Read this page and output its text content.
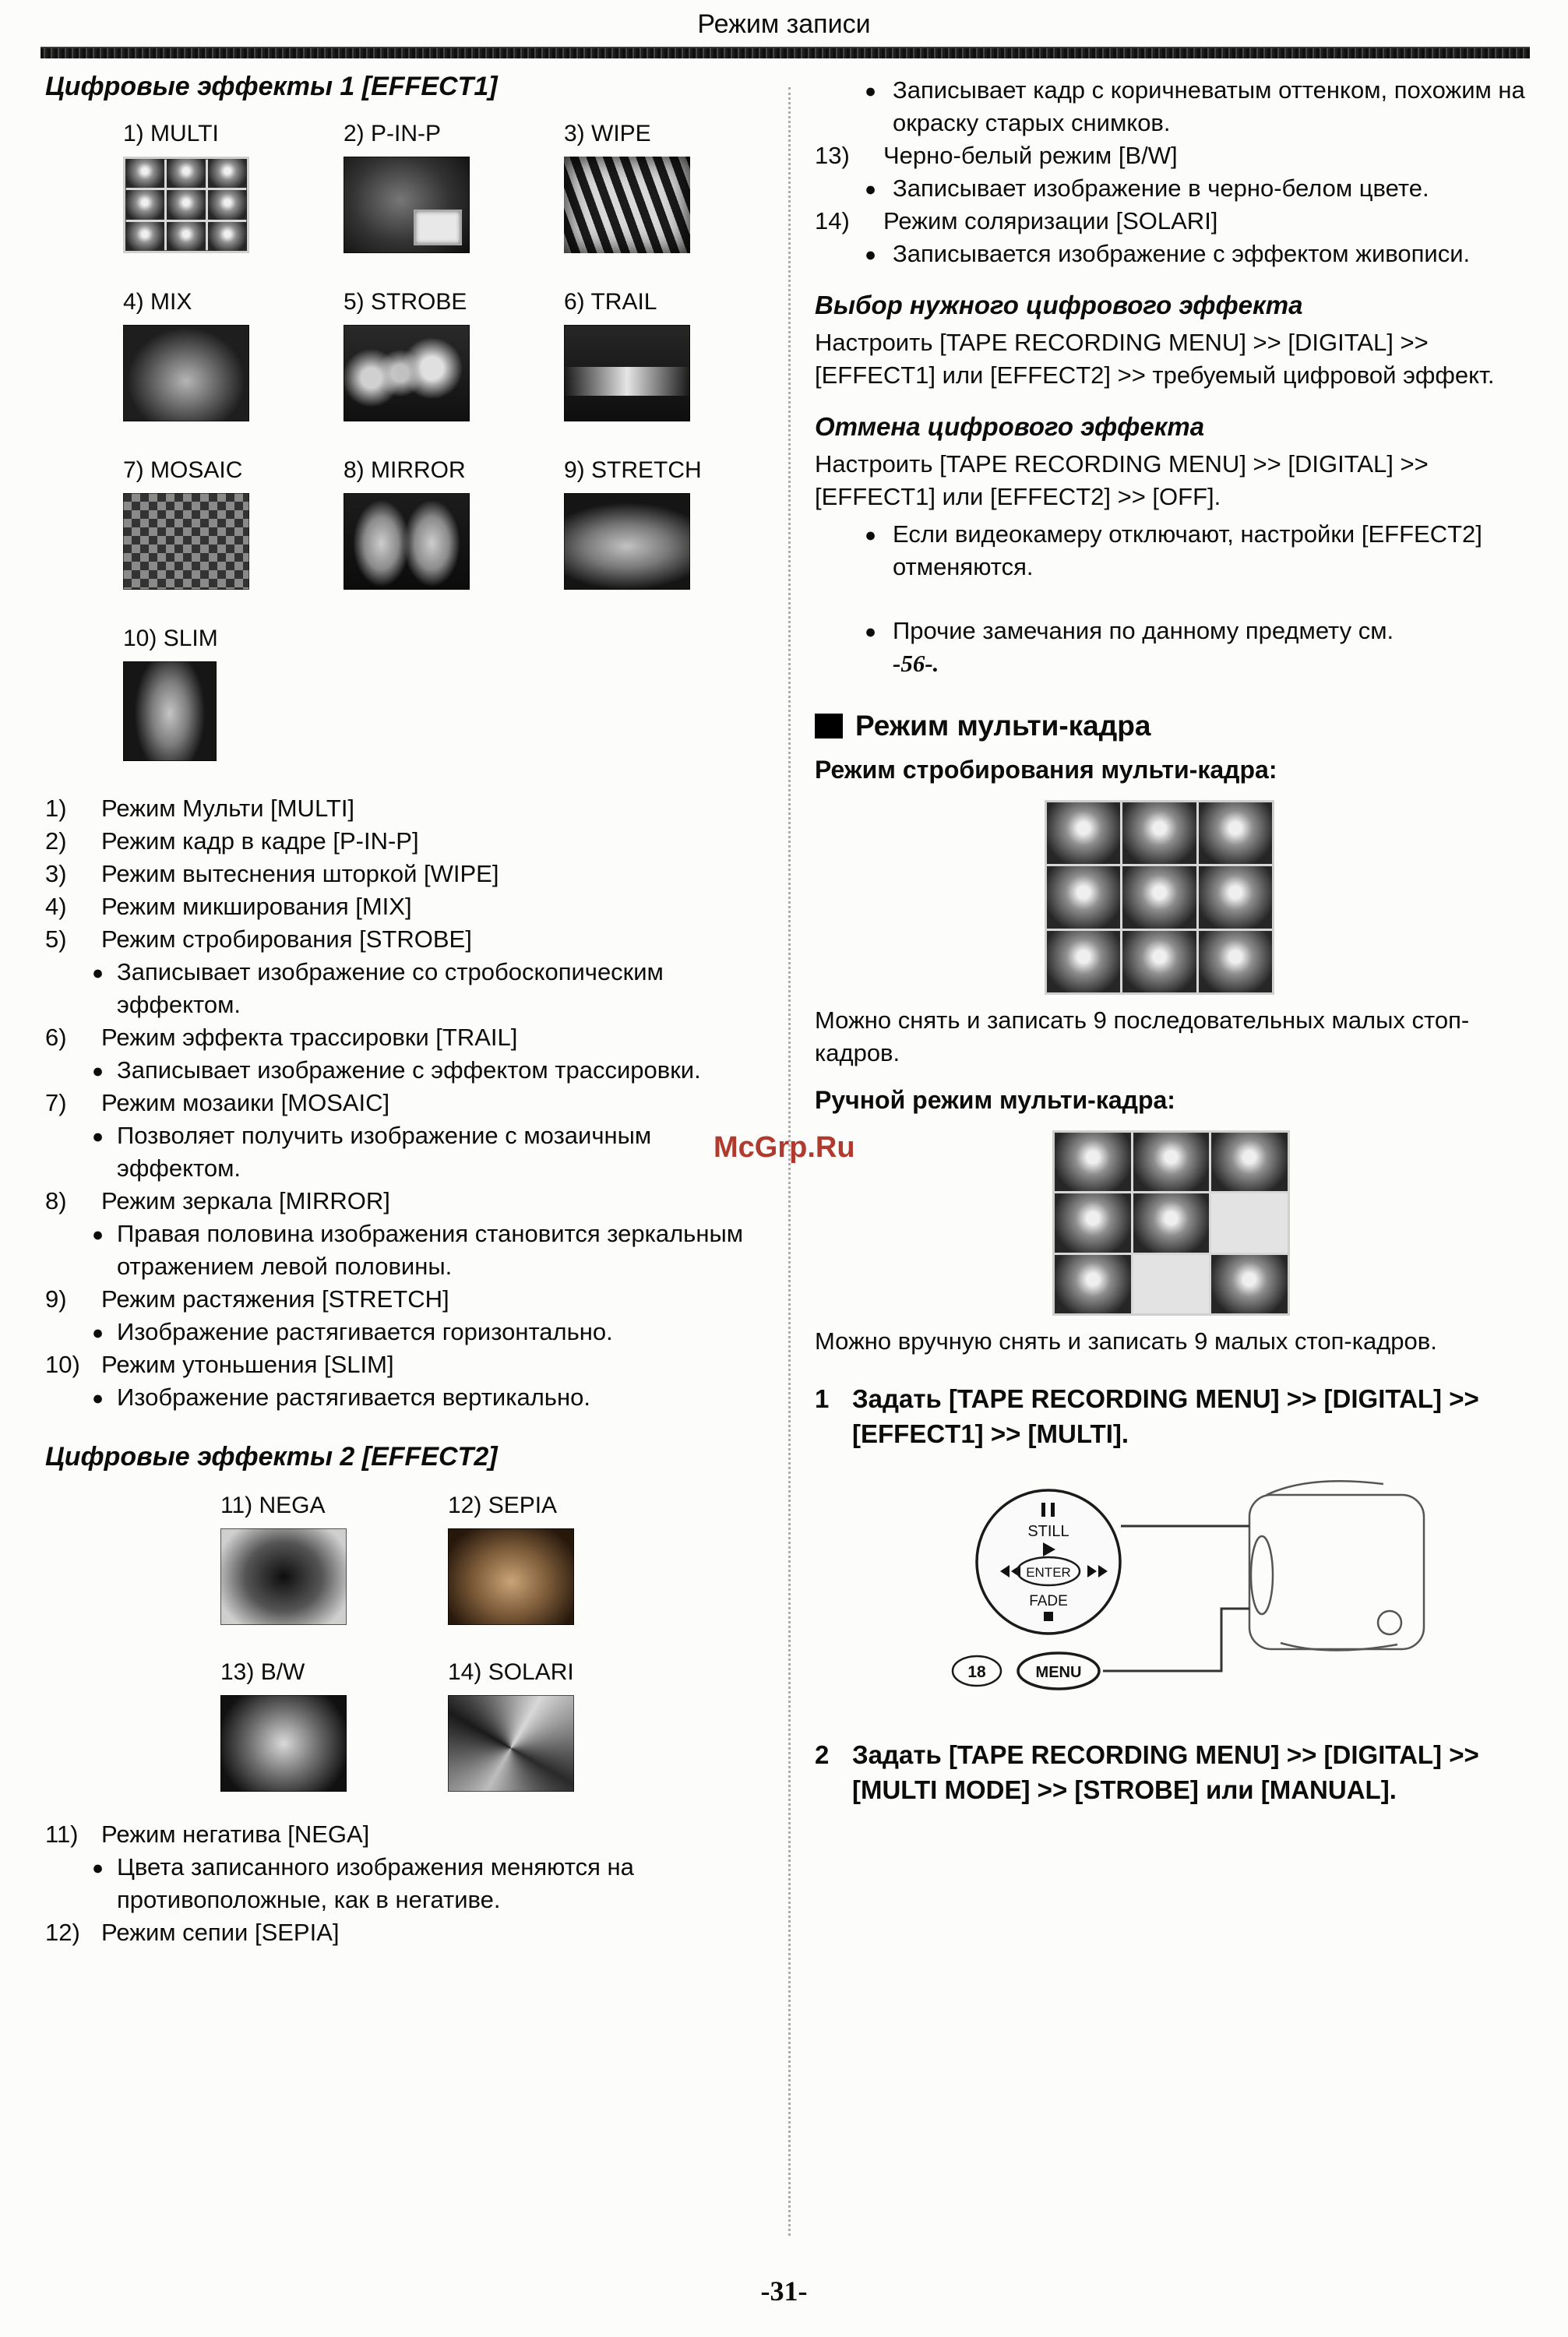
Режим записи
McGrp.Ru
Цифровые эффекты 1 [EFFECT1]
1) MULTI	2) P-IN-P	3) WIPE
4) MIX	5) STROBE	6) TRAIL
7) MOSAIC	8) MIRROR	9) STRETCH
10) SLIM
1)	Режим Мульти [MULTI]
2)	Режим кадр в кадре [P-IN-P]
3)	Режим вытеснения шторкой [WIPE]
4)	Режим микширования [MIX]
5)	Режим стробирования [STROBE]
● Записывает изображение со стробоскопическим эффектом.
6)	Режим эффекта трассировки [TRAIL]
● Записывает изображение с эффектом трассировки.
7)	Режим мозаики [MOSAIC]
● Позволяет получить изображение с мозаичным эффектом.
8)	Режим зеркала [MIRROR]
● Правая половина изображения становится зеркальным отражением левой половины.
9)	Режим растяжения [STRETCH]
● Изображение растягивается горизонтально.
10) Режим утоньшения [SLIM]
● Изображение растягивается вертикально.
Цифровые эффекты 2 [EFFECT2]
11) NEGA	12) SEPIA
13) B/W	14) SOLARI
11) Режим негатива [NEGA]
● Цвета записанного изображения меняются на противоположные, как в негативе.
12) Режим сепии [SEPIA]
● Записывает кадр с коричневатым оттенком, похожим на окраску старых снимков.
13)	Черно-белый режим [B/W]
● Записывает изображение в черно-белом цвете.
14)	Режим соляризации [SOLARI]
● Записывается изображение с эффектом живописи.
Выбор нужного цифрового эффекта
Настроить [TAPE RECORDING MENU] >> [DIGITAL] >> [EFFECT1] или [EFFECT2] >> требуемый цифровой эффект.
Отмена цифрового эффекта
Настроить [TAPE RECORDING MENU] >> [DIGITAL] >> [EFFECT1] или [EFFECT2] >> [OFF].
● Если видеокамеру отключают, настройки [EFFECT2] отменяются.
● Прочие замечания по данному предмету см.
-56-.
Режим мульти-кадра
Режим стробирования мульти-кадра:
Можно снять и записать 9 последовательных малых стоп-кадров.
Ручной режим мульти-кадра:
Можно вручную снять и записать 9 малых стоп-кадров.
1 Задать [TAPE RECORDING MENU] >> [DIGITAL] >> [EFFECT1] >> [MULTI].
STILL
ENTER
FADE
18	MENU
2 Задать [TAPE RECORDING MENU] >> [DIGITAL] >> [MULTI MODE] >> [STROBE] или [MANUAL].
-31-
